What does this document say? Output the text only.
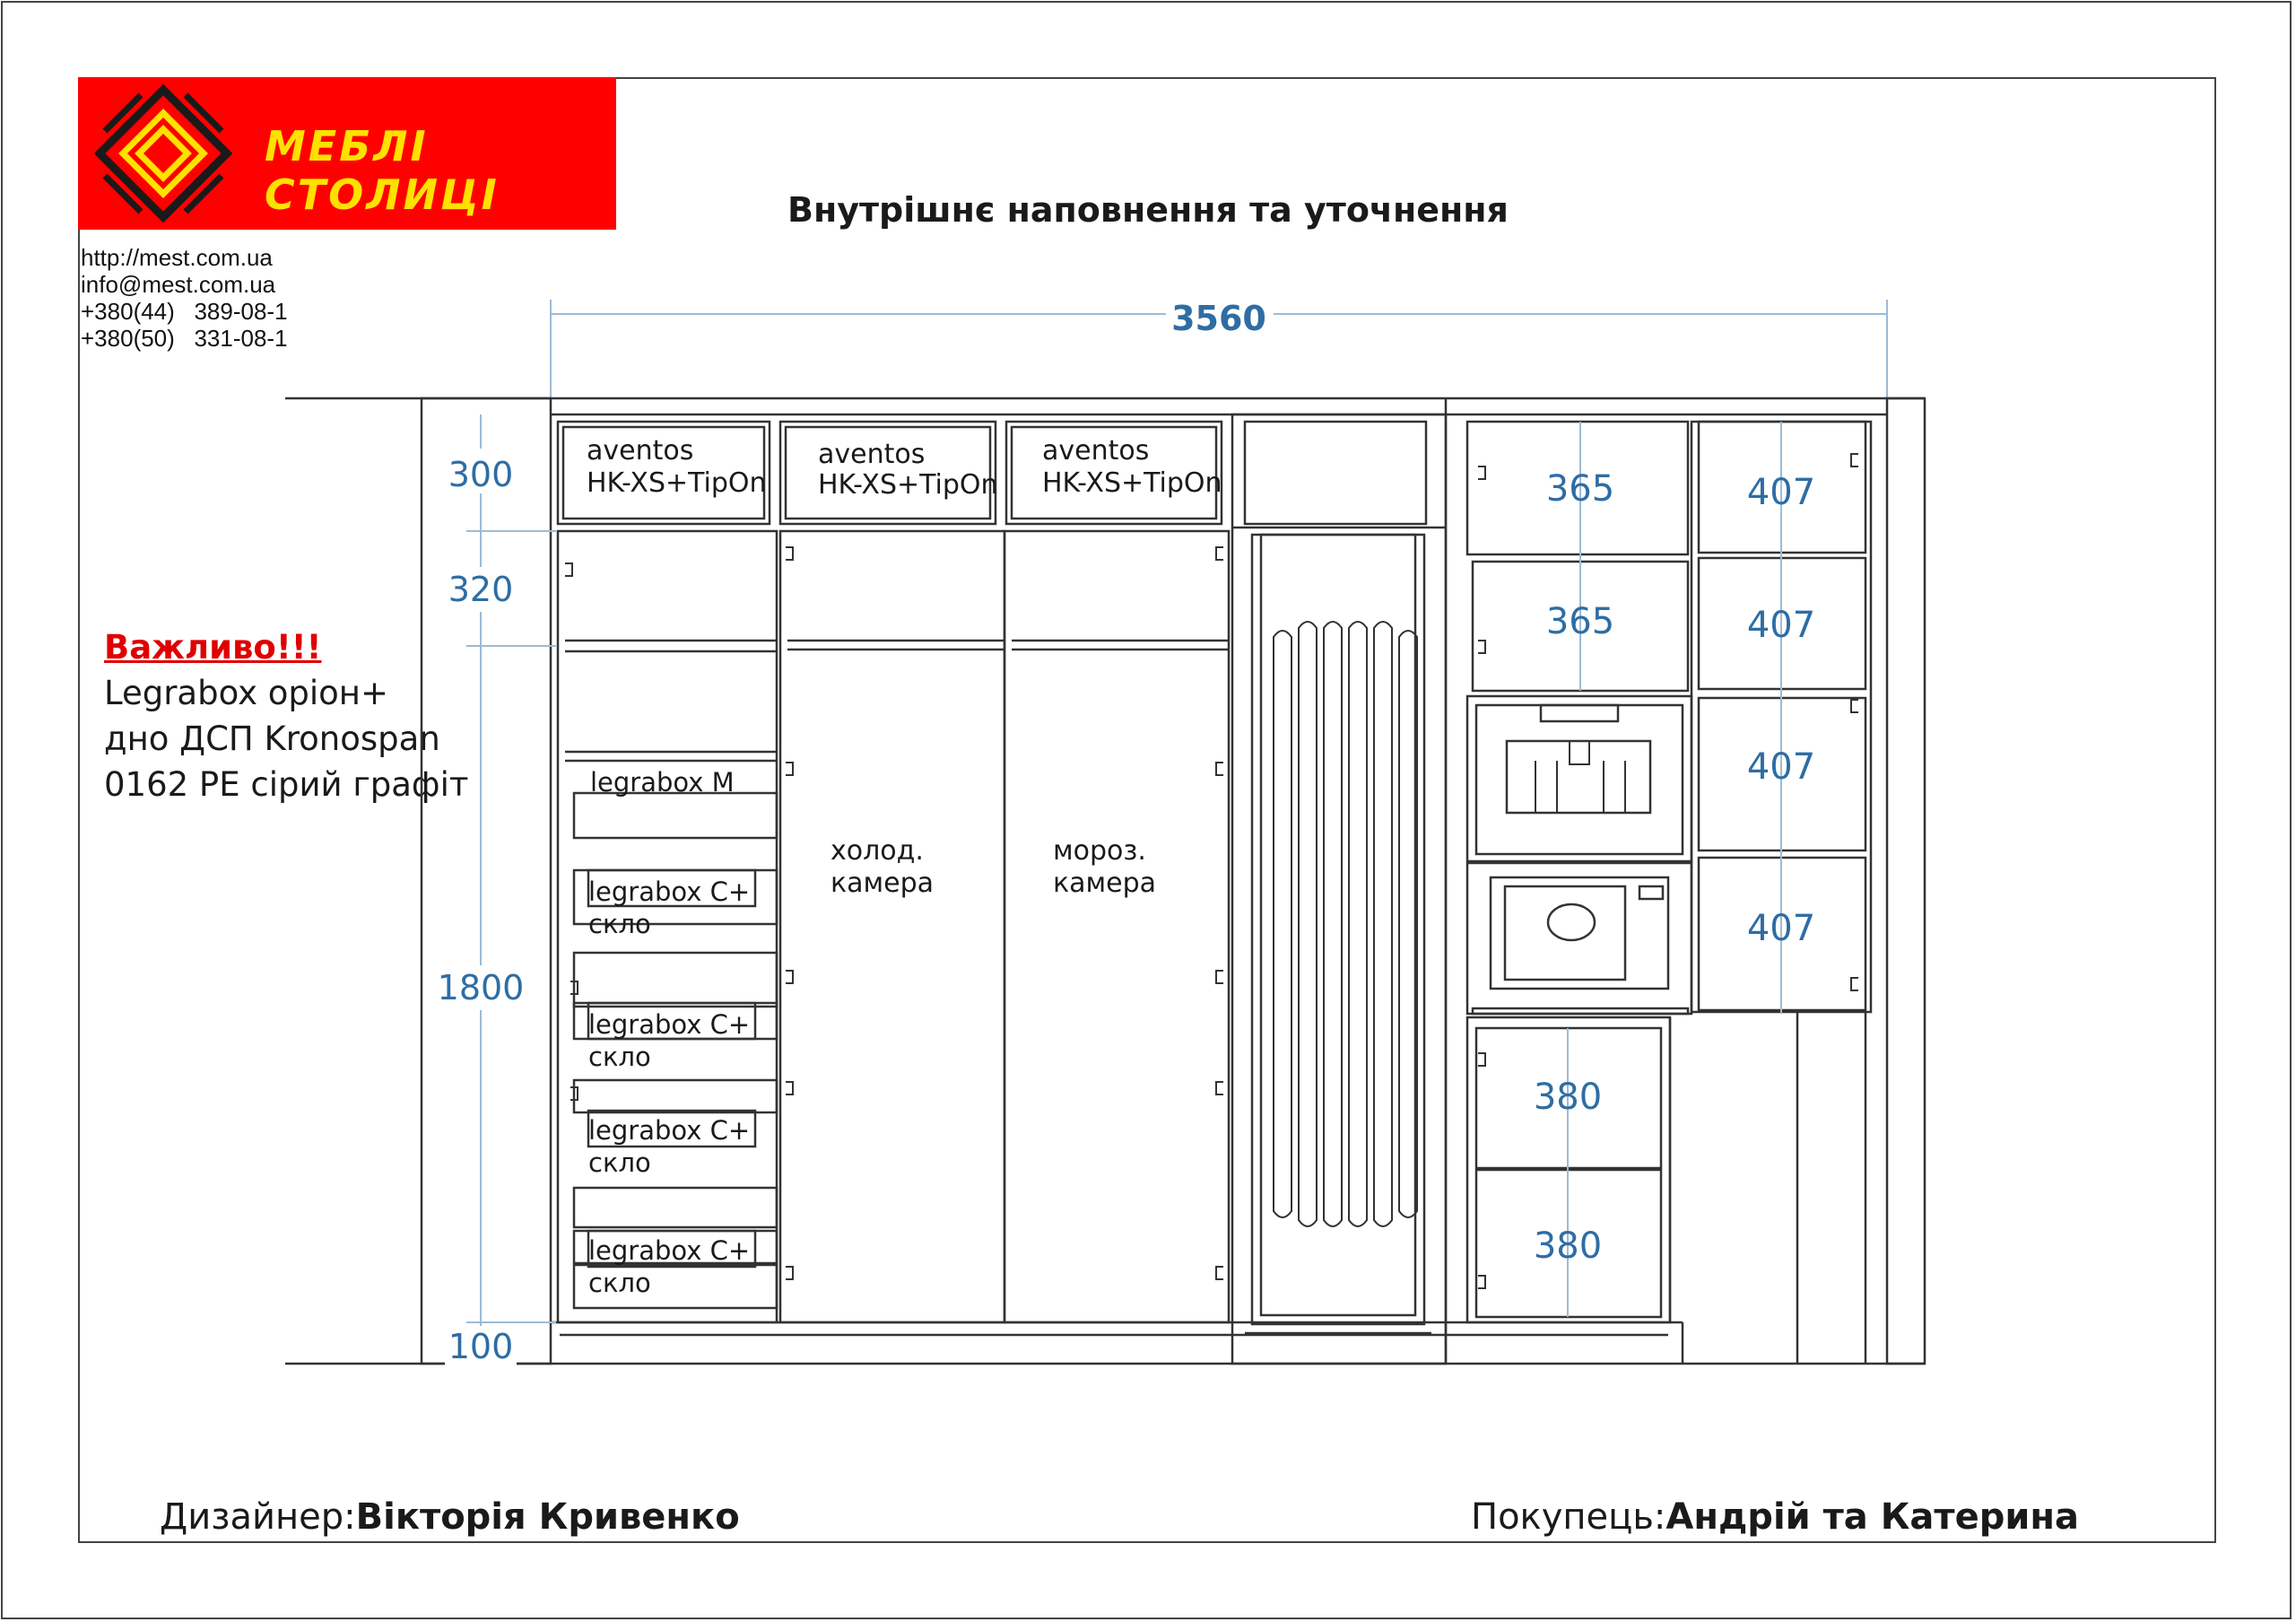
МЕБЛІ СТОЛИЦІ
http://mest.com.ua
info@mest.com.ua
+380(44)   389-08-1
+380(50)   331-08-1
Внутрішнє наповнення та уточнення
Важливо!!!
Legrabox оріон+
дно ДСП Kronospan
0162 PE сірий графіт
3560
300
320
1800
100
365
365
380
380
407
407
407
407
aventos
HK-XS+TipOn
aventos
HK-XS+TipOn
aventos
HK-XS+TipOn
legrabox M
legrabox C+
скло
legrabox C+
скло
legrabox C+
скло
legrabox C+
скло
холод.
камера
мороз.
камера
Дизайнер:Вікторія Кривенко	Покупець:Андрій та Катерина
